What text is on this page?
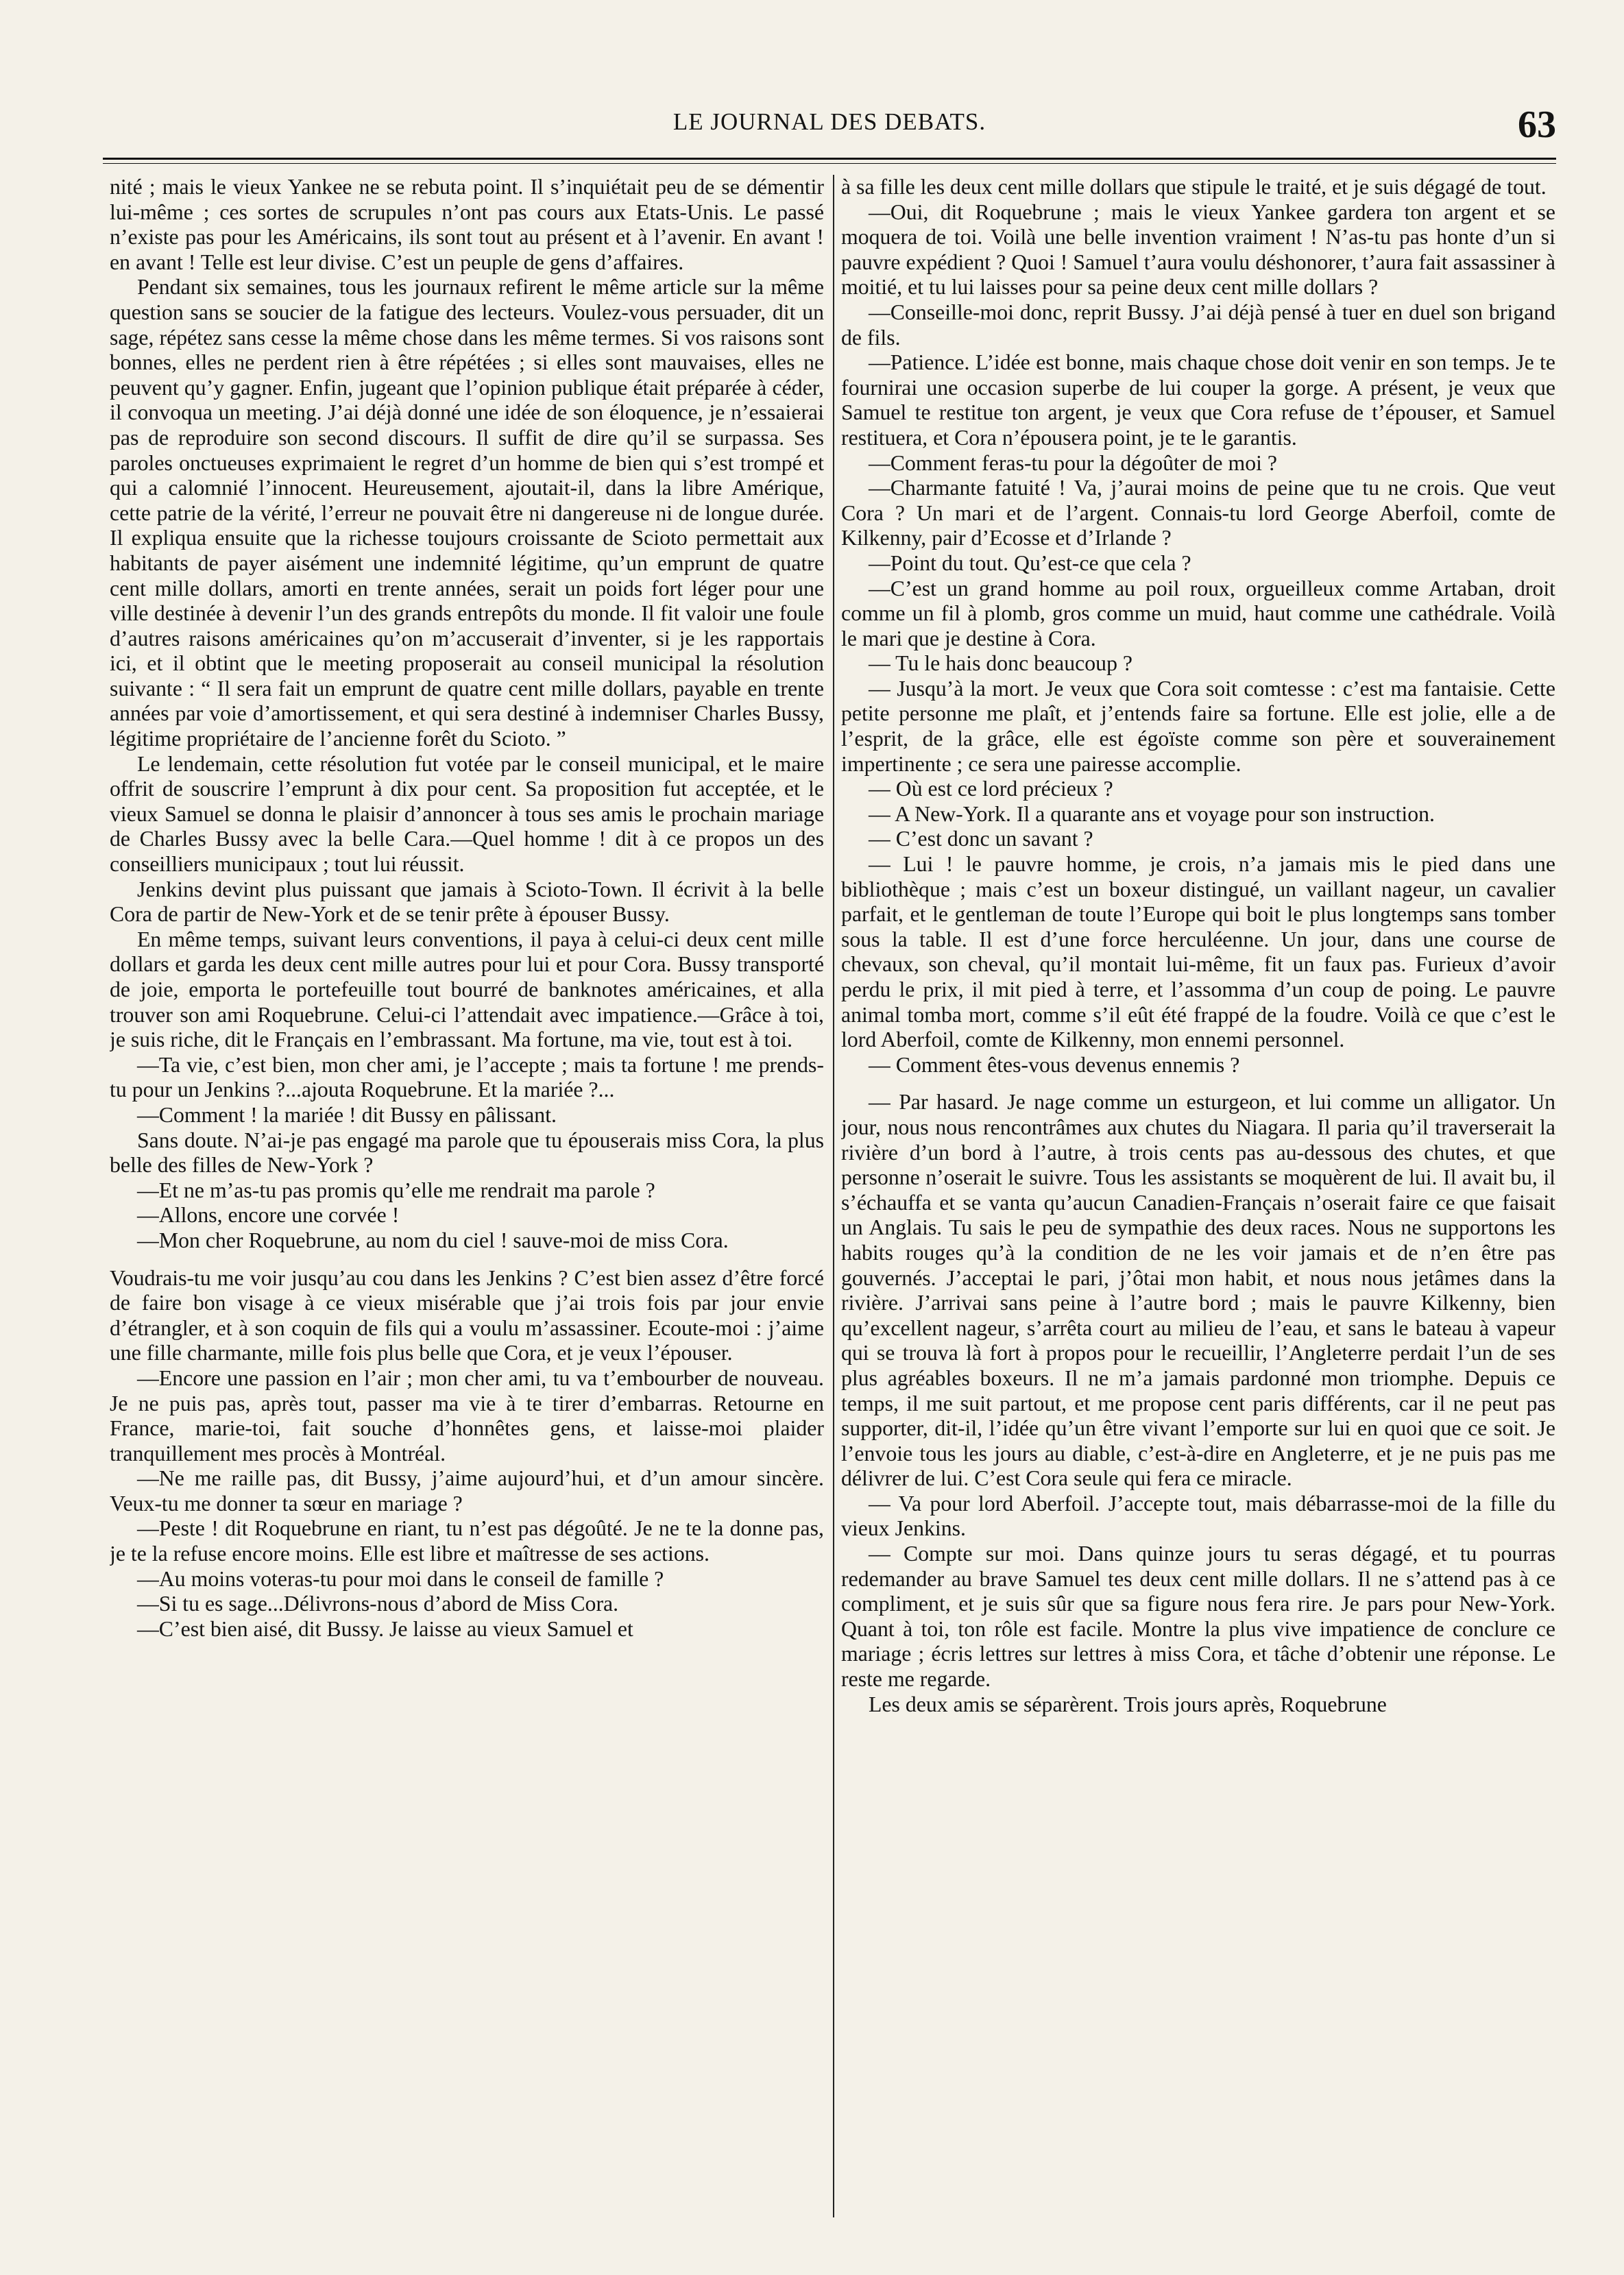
LE JOURNAL DES DEBATS.	63

nité ; mais le vieux Yankee ne se rebuta point. Il s’inquiétait peu de se démentir lui-même ; ces sortes de scrupules n’ont pas cours aux Etats-Unis. Le passé n’existe pas pour les Américains, ils sont tout au présent et à l’avenir. En avant ! en avant ! Telle est leur divise. C’est un peuple de gens d’affaires.

Pendant six semaines, tous les journaux refirent le même article sur la même question sans se soucier de la fatigue des lecteurs. Voulez-vous persuader, dit un sage, répétez sans cesse la même chose dans les même termes. Si vos raisons sont bonnes, elles ne perdent rien à être répétées ; si elles sont mauvaises, elles ne peuvent qu’y gagner. Enfin, jugeant que l’opinion publique était préparée à céder, il convoqua un meeting. J’ai déjà donné une idée de son éloquence, je n’essaierai pas de reproduire son second discours. Il suffit de dire qu’il se surpassa. Ses paroles onctueuses exprimaient le regret d’un homme de bien qui s’est trompé et qui a calomnié l’innocent. Heureusement, ajoutait-il, dans la libre Amérique, cette patrie de la vérité, l’erreur ne pouvait être ni dangereuse ni de longue durée. Il expliqua ensuite que la richesse toujours croissante de Scioto permettait aux habitants de payer aisément une indemnité légitime, qu’un emprunt de quatre cent mille dollars, amorti en trente années, serait un poids fort léger pour une ville destinée à devenir l’un des grands entrepôts du monde. Il fit valoir une foule d’autres raisons américaines qu’on m’accuserait d’inventer, si je les rapportais ici, et il obtint que le meeting proposerait au conseil municipal la résolution suivante : “ Il sera fait un emprunt de quatre cent mille dollars, payable en trente années par voie d’amortissement, et qui sera destiné à indemniser Charles Bussy, légitime propriétaire de l’ancienne forêt du Scioto. ”

Le lendemain, cette résolution fut votée par le conseil municipal, et le maire offrit de souscrire l’emprunt à dix pour cent. Sa proposition fut acceptée, et le vieux Samuel se donna le plaisir d’annoncer à tous ses amis le prochain mariage de Charles Bussy avec la belle Cara.—Quel homme ! dit à ce propos un des conseilliers municipaux ; tout lui réussit.

Jenkins devint plus puissant que jamais à Scioto-Town. Il écrivit à la belle Cora de partir de New-York et de se tenir prête à épouser Bussy.

En même temps, suivant leurs conventions, il paya à celui-ci deux cent mille dollars et garda les deux cent mille autres pour lui et pour Cora. Bussy transporté de joie, emporta le portefeuille tout bourré de banknotes américaines, et alla trouver son ami Roquebrune. Celui-ci l’attendait avec impatience.—Grâce à toi, je suis riche, dit le Français en l’embrassant. Ma fortune, ma vie, tout est à toi.

—Ta vie, c’est bien, mon cher ami, je l’accepte ; mais ta fortune ! me prends-tu pour un Jenkins ?...ajouta Roquebrune. Et la mariée ?...

—Comment ! la mariée ! dit Bussy en pâlissant.

Sans doute. N’ai-je pas engagé ma parole que tu épouserais miss Cora, la plus belle des filles de New-York ?

—Et ne m’as-tu pas promis qu’elle me rendrait ma parole ?

—Allons, encore une corvée !

—Mon cher Roquebrune, au nom du ciel ! sauve-moi de miss Cora.

Voudrais-tu me voir jusqu’au cou dans les Jenkins ? C’est bien assez d’être forcé de faire bon visage à ce vieux misérable que j’ai trois fois par jour envie d’étrangler, et à son coquin de fils qui a voulu m’assassiner. Ecoute-moi : j’aime une fille charmante, mille fois plus belle que Cora, et je veux l’épouser.

—Encore une passion en l’air ; mon cher ami, tu va t’embourber de nouveau. Je ne puis pas, après tout, passer ma vie à te tirer d’embarras. Retourne en France, marie-toi, fait souche d’honnêtes gens, et laisse-moi plaider tranquillement mes procès à Montréal.

—Ne me raille pas, dit Bussy, j’aime aujourd’hui, et d’un amour sincère. Veux-tu me donner ta sœur en mariage ?

—Peste ! dit Roquebrune en riant, tu n’est pas dégoûté. Je ne te la donne pas, je te la refuse encore moins. Elle est libre et maîtresse de ses actions.

—Au moins voteras-tu pour moi dans le conseil de famille ?

—Si tu es sage...Délivrons-nous d’abord de Miss Cora.

—C’est bien aisé, dit Bussy. Je laisse au vieux Samuel et

à sa fille les deux cent mille dollars que stipule le traité, et je suis dégagé de tout.

—Oui, dit Roquebrune ; mais le vieux Yankee gardera ton argent et se moquera de toi. Voilà une belle invention vraiment ! N’as-tu pas honte d’un si pauvre expédient ? Quoi ! Samuel t’aura voulu déshonorer, t’aura fait assassiner à moitié, et tu lui laisses pour sa peine deux cent mille dollars ?

—Conseille-moi donc, reprit Bussy. J’ai déjà pensé à tuer en duel son brigand de fils.

—Patience. L’idée est bonne, mais chaque chose doit venir en son temps. Je te fournirai une occasion superbe de lui couper la gorge. A présent, je veux que Samuel te restitue ton argent, je veux que Cora refuse de t’épouser, et Samuel restituera, et Cora n’épousera point, je te le garantis.

—Comment feras-tu pour la dégoûter de moi ?

—Charmante fatuité ! Va, j’aurai moins de peine que tu ne crois. Que veut Cora ? Un mari et de l’argent. Connais-tu lord George Aberfoil, comte de Kilkenny, pair d’Ecosse et d’Irlande ?

—Point du tout. Qu’est-ce que cela ?

—C’est un grand homme au poil roux, orgueilleux comme Artaban, droit comme un fil à plomb, gros comme un muid, haut comme une cathédrale. Voilà le mari que je destine à Cora.

— Tu le hais donc beaucoup ?

— Jusqu’à la mort. Je veux que Cora soit comtesse : c’est ma fantaisie. Cette petite personne me plaît, et j’entends faire sa fortune. Elle est jolie, elle a de l’esprit, de la grâce, elle est égoïste comme son père et souverainement impertinente ; ce sera une pairesse accomplie.

— Où est ce lord précieux ?

— A New-York. Il a quarante ans et voyage pour son instruction.

— C’est donc un savant ?

— Lui ! le pauvre homme, je crois, n’a jamais mis le pied dans une bibliothèque ; mais c’est un boxeur distingué, un vaillant nageur, un cavalier parfait, et le gentleman de toute l’Europe qui boit le plus longtemps sans tomber sous la table. Il est d’une force herculéenne. Un jour, dans une course de chevaux, son cheval, qu’il montait lui-même, fit un faux pas. Furieux d’avoir perdu le prix, il mit pied à terre, et l’assomma d’un coup de poing. Le pauvre animal tomba mort, comme s’il eût été frappé de la foudre. Voilà ce que c’est le lord Aberfoil, comte de Kilkenny, mon ennemi personnel.

— Comment êtes-vous devenus ennemis ?

— Par hasard. Je nage comme un esturgeon, et lui comme un alligator. Un jour, nous nous rencontrâmes aux chutes du Niagara. Il paria qu’il traverserait la rivière d’un bord à l’autre, à trois cents pas au-dessous des chutes, et que personne n’oserait le suivre. Tous les assistants se moquèrent de lui. Il avait bu, il s’échauffa et se vanta qu’aucun Canadien-Français n’oserait faire ce que faisait un Anglais. Tu sais le peu de sympathie des deux races. Nous ne supportons les habits rouges qu’à la condition de ne les voir jamais et de n’en être pas gouvernés. J’acceptai le pari, j’ôtai mon habit, et nous nous jetâmes dans la rivière. J’arrivai sans peine à l’autre bord ; mais le pauvre Kilkenny, bien qu’excellent nageur, s’arrêta court au milieu de l’eau, et sans le bateau à vapeur qui se trouva là fort à propos pour le recueillir, l’Angleterre perdait l’un de ses plus agréables boxeurs. Il ne m’a jamais pardonné mon triomphe. Depuis ce temps, il me suit partout, et me propose cent paris différents, car il ne peut pas supporter, dit-il, l’idée qu’un être vivant l’emporte sur lui en quoi que ce soit. Je l’envoie tous les jours au diable, c’est-à-dire en Angleterre, et je ne puis pas me délivrer de lui. C’est Cora seule qui fera ce miracle.

— Va pour lord Aberfoil. J’accepte tout, mais débarrasse-moi de la fille du vieux Jenkins.

— Compte sur moi. Dans quinze jours tu seras dégagé, et tu pourras redemander au brave Samuel tes deux cent mille dollars. Il ne s’attend pas à ce compliment, et je suis sûr que sa figure nous fera rire. Je pars pour New-York. Quant à toi, ton rôle est facile. Montre la plus vive impatience de conclure ce mariage ; écris lettres sur lettres à miss Cora, et tâche d’obtenir une réponse. Le reste me regarde.

Les deux amis se séparèrent. Trois jours après, Roquebrune
